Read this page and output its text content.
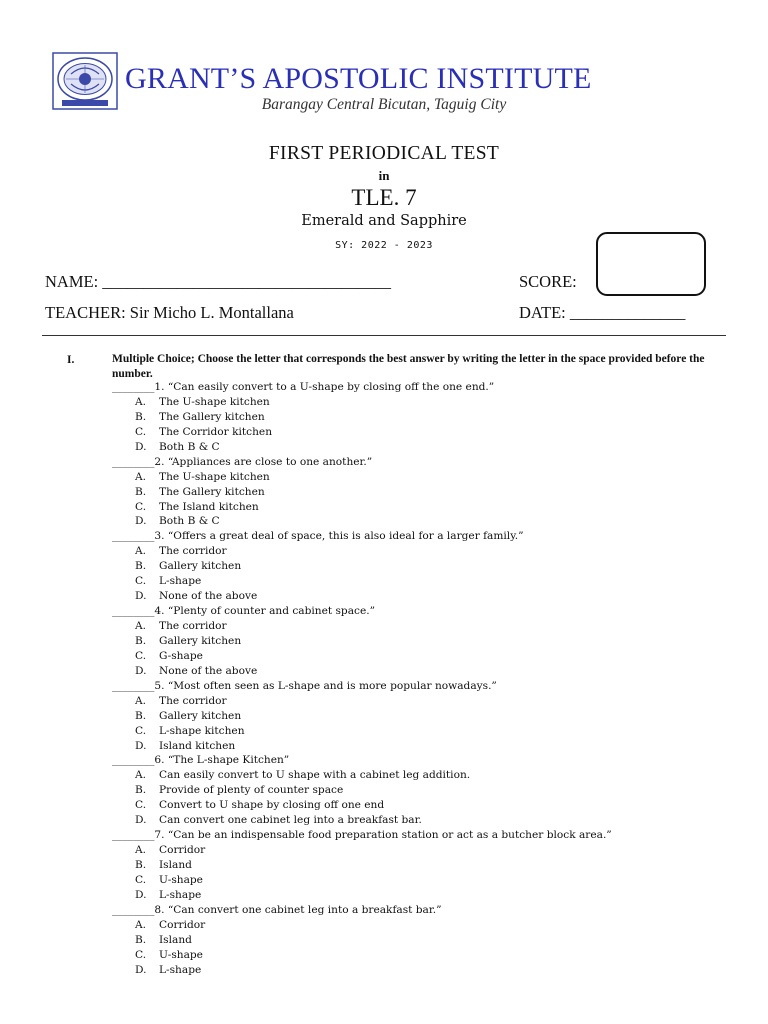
GRANT’S APOSTOLIC INSTITUTE
Barangay Central Bicutan, Taguig City
FIRST PERIODICAL TEST
in
TLE. 7
Emerald and Sapphire
SY: 2022 - 2023
NAME: ___________________________________	SCORE:
TEACHER: Sir Micho L. Montallana	DATE: ______________
I.	Multiple Choice; Choose the letter that corresponds the best answer by writing the letter in the space provided before the number.
________1. “Can easily convert to a U-shape by closing off the one end.”
A.	The U-shape kitchen
B.	The Gallery kitchen
C.	The Corridor kitchen
D.	Both B & C
________2. “Appliances are close to one another.”
A.	The U-shape kitchen
B.	The Gallery kitchen
C.	The Island kitchen
D.	Both B & C
________3. “Offers a great deal of space, this is also ideal for a larger family.”
A.	The corridor
B.	Gallery kitchen
C.	L-shape
D.	None of the above
________4. “Plenty of counter and cabinet space.”
A.	The corridor
B.	Gallery kitchen
C.	G-shape
D.	None of the above
________5. “Most often seen as L-shape and is more popular nowadays.”
A.	The corridor
B.	Gallery kitchen
C.	L-shape kitchen
D.	Island kitchen
________6. “The L-shape Kitchen”
A.	Can easily convert to U shape with a cabinet leg addition.
B.	Provide of plenty of counter space
C.	Convert to U shape by closing off one end
D.	Can convert one cabinet leg into a breakfast bar.
________7. “Can be an indispensable food preparation station or act as a butcher block area.”
A.	Corridor
B.	Island
C.	U-shape
D.	L-shape
________8. “Can convert one cabinet leg into a breakfast bar.”
A.	Corridor
B.	Island
C.	U-shape
D.	L-shape
